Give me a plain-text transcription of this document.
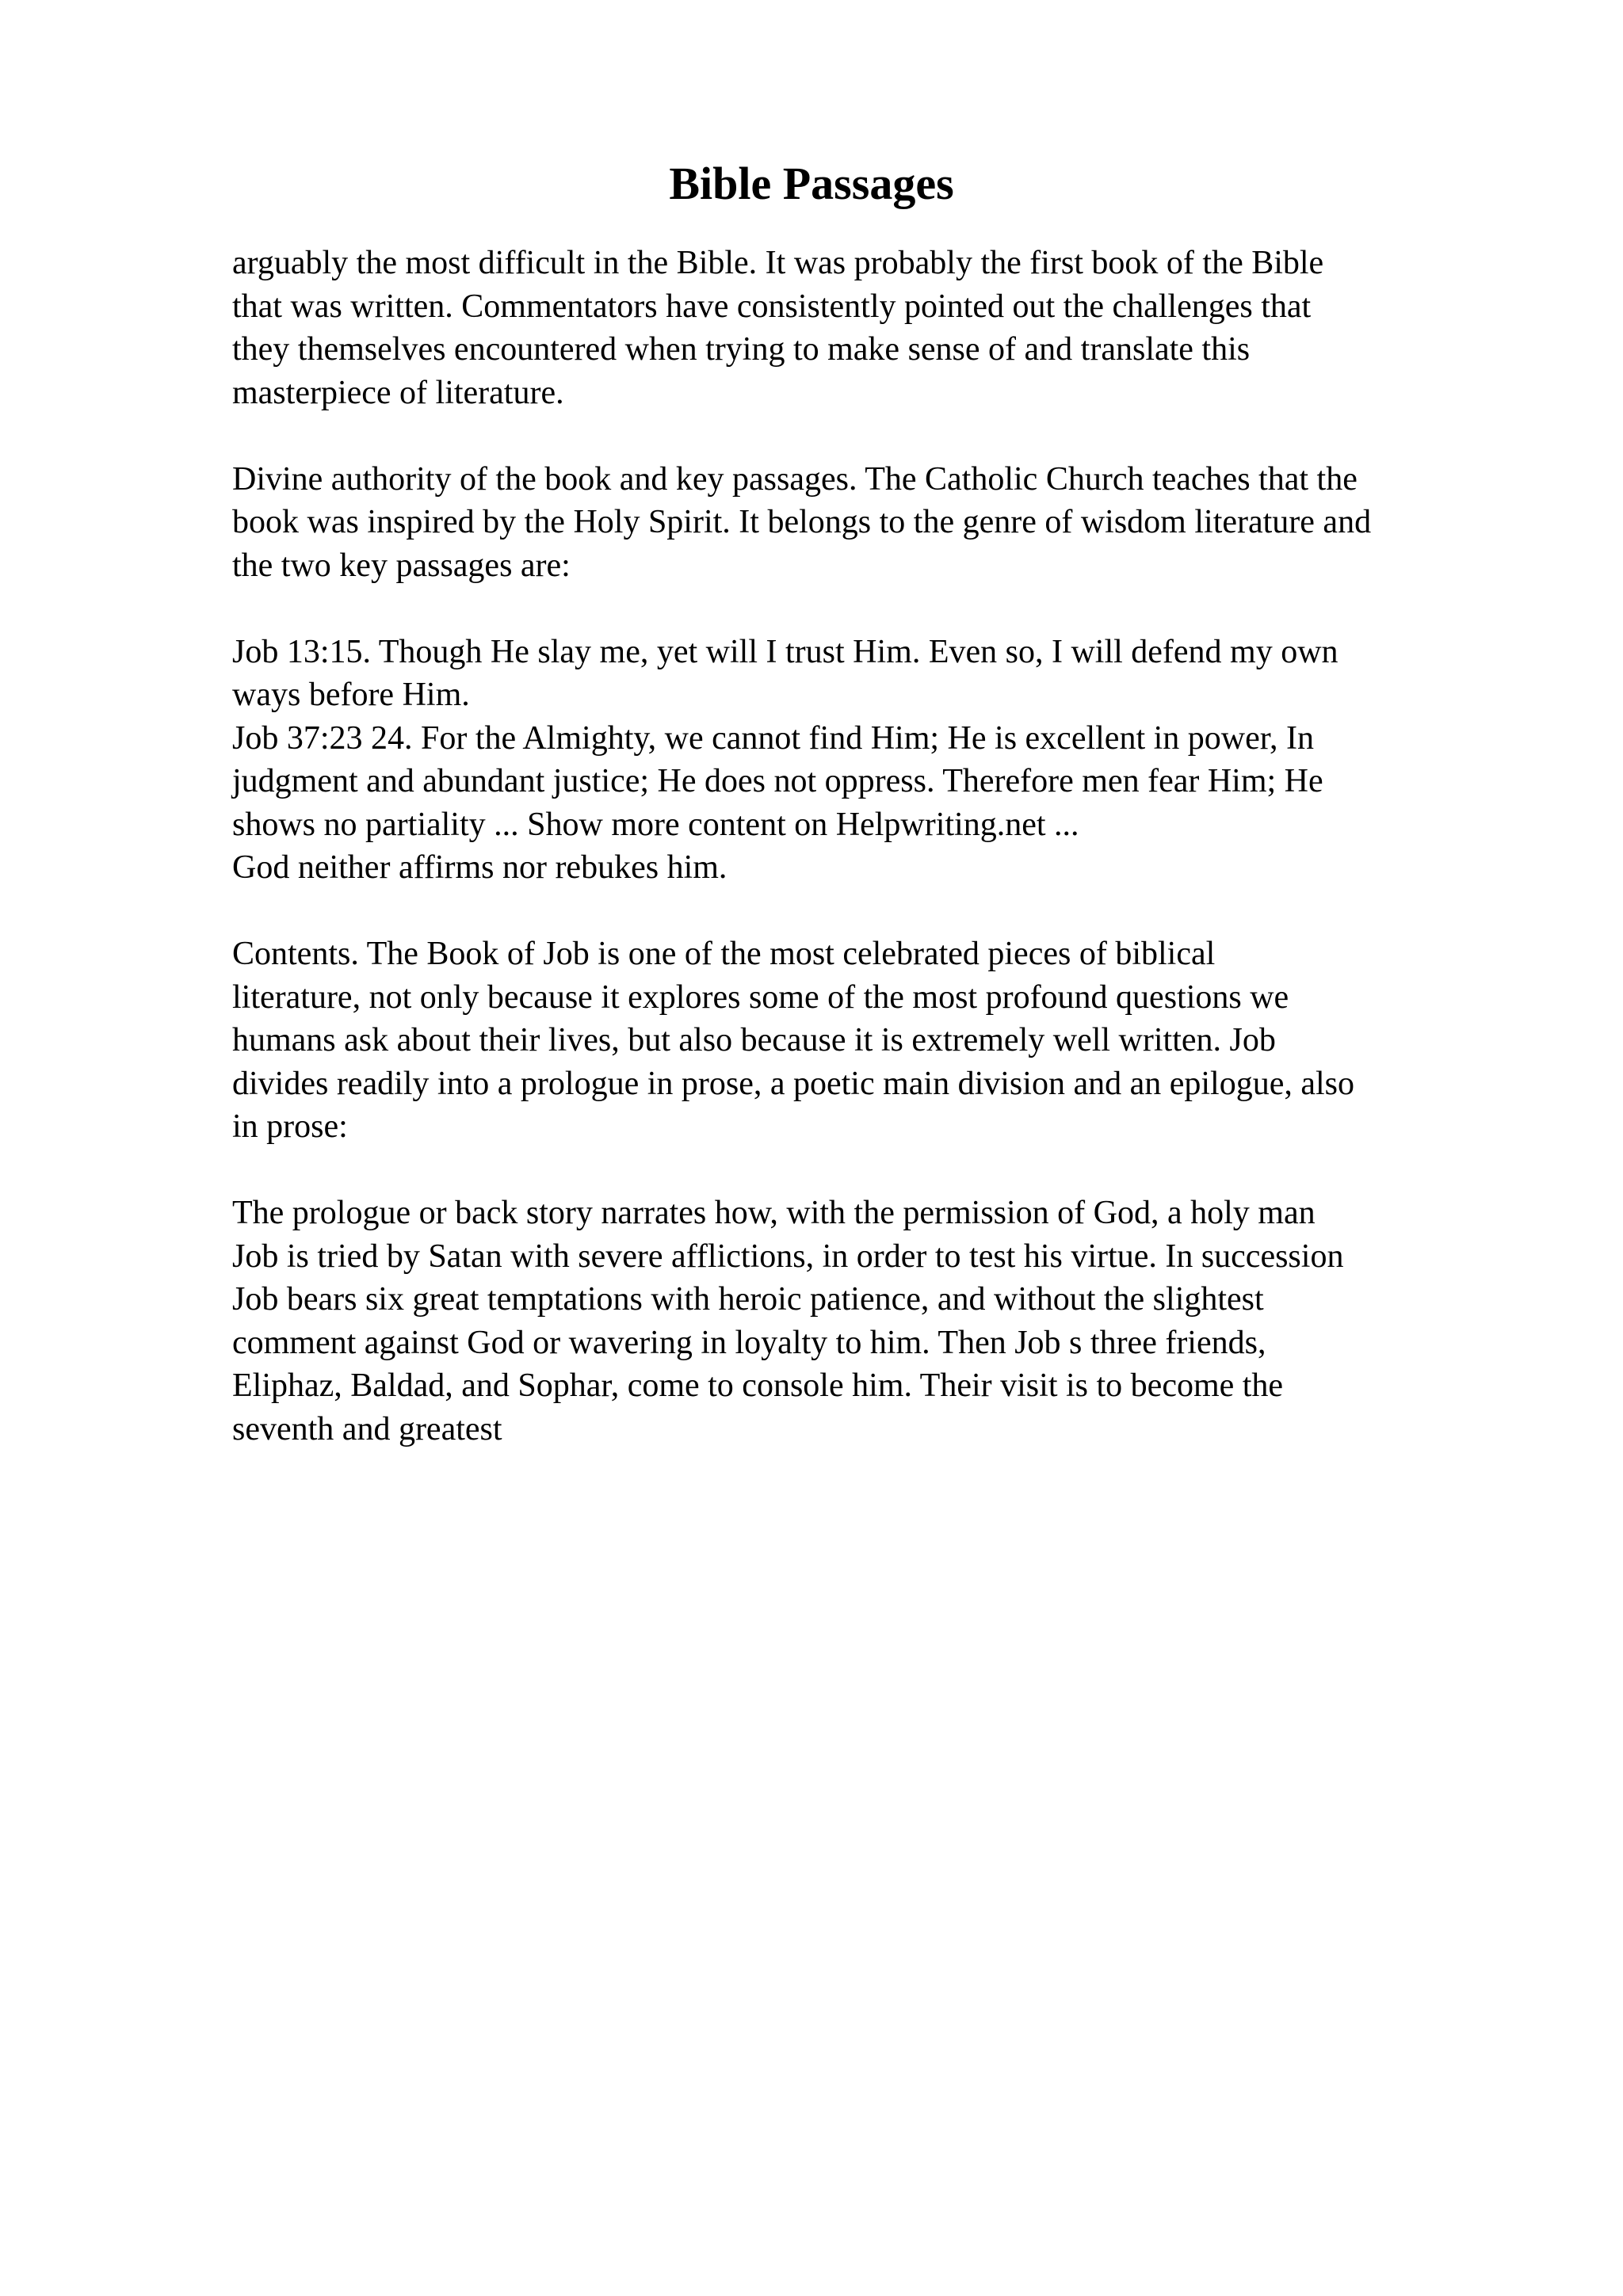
Bible Passages
arguably the most difficult in the Bible. It was probably the first book of the Bible
that was written. Commentators have consistently pointed out the challenges that
they themselves encountered when trying to make sense of and translate this
masterpiece of literature.
Divine authority of the book and key passages. The Catholic Church teaches that the
book was inspired by the Holy Spirit. It belongs to the genre of wisdom literature and
the two key passages are:
Job 13:15. Though He slay me, yet will I trust Him. Even so, I will defend my own
ways before Him.
Job 37:23 24. For the Almighty, we cannot find Him; He is excellent in power, In
judgment and abundant justice; He does not oppress. Therefore men fear Him; He
shows no partiality ... Show more content on Helpwriting.net ...
God neither affirms nor rebukes him.
Contents. The Book of Job is one of the most celebrated pieces of biblical
literature, not only because it explores some of the most profound questions we
humans ask about their lives, but also because it is extremely well written. Job
divides readily into a prologue in prose, a poetic main division and an epilogue, also
in prose:
The prologue or back story narrates how, with the permission of God, a holy man
Job is tried by Satan with severe afflictions, in order to test his virtue. In succession
Job bears six great temptations with heroic patience, and without the slightest
comment against God or wavering in loyalty to him. Then Job s three friends,
Eliphaz, Baldad, and Sophar, come to console him. Their visit is to become the
seventh and greatest
